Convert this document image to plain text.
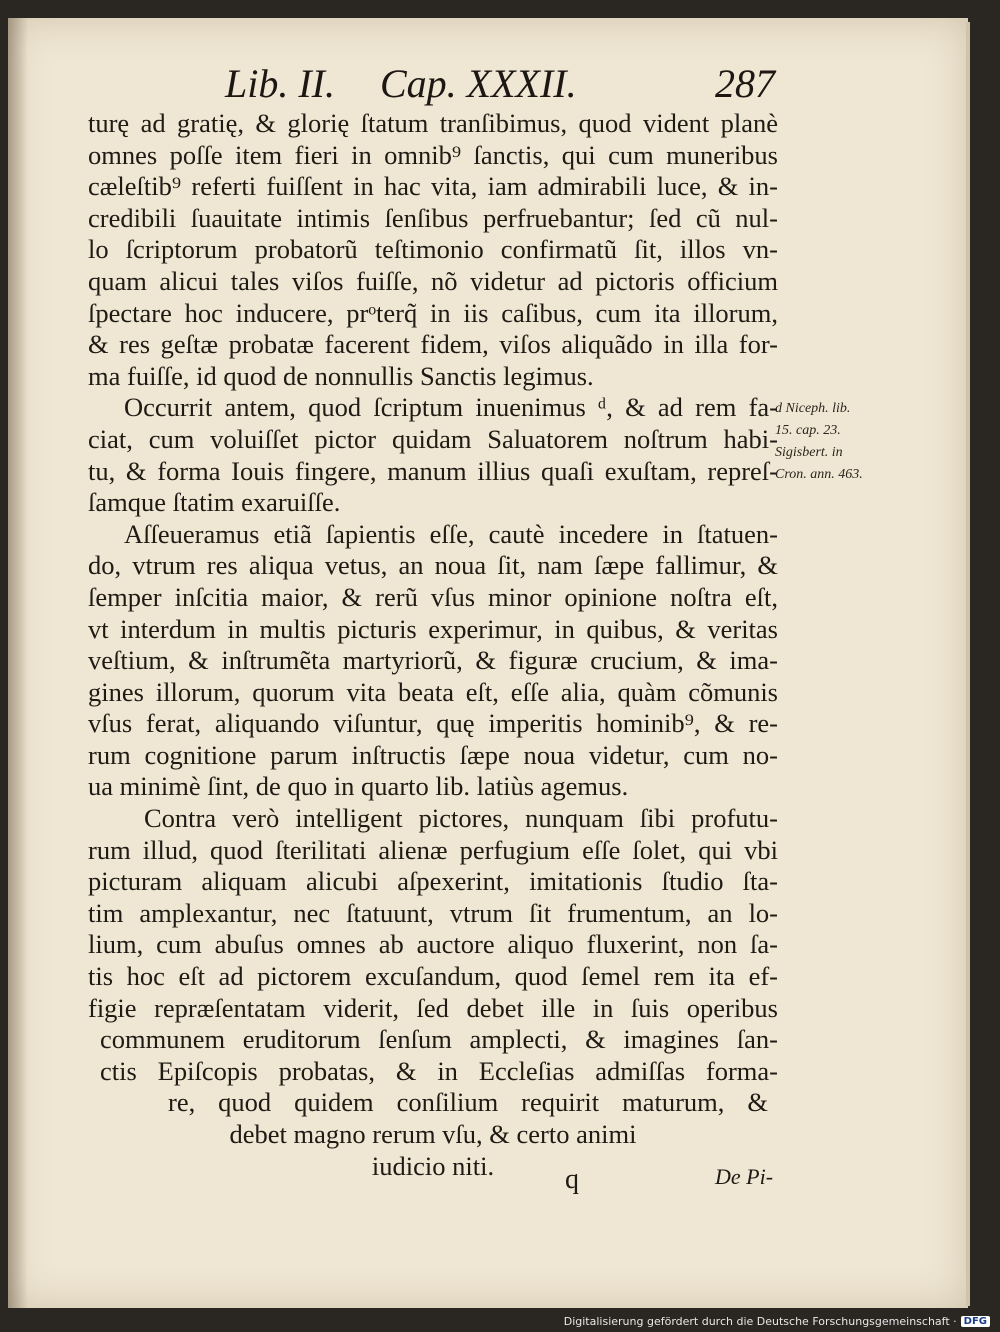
Lib. II. Cap. XXXII.	287
turę ad gratię, & glorię ſtatum tranſibimus, quod vident planè
omnes poſſe item fieri in omnib⁹ ſanctis, qui cum muneribus
cæleſtib⁹ referti fuiſſent in hac vita, iam admirabili luce, & in-
credibili ſuauitate intimis ſenſibus perfruebantur; ſed cũ nul-
lo ſcriptorum probatorũ teſtimonio confirmatũ ſit, illos vn-
quam alicui tales viſos fuiſſe, nõ videtur ad pictoris officium
ſpectare hoc inducere, prᵒterq̃ in iis caſibus, cum ita illorum,
& res geſtæ probatæ facerent fidem, viſos aliquãdo in illa for-
ma fuiſſe, id quod de nonnullis Sanctis legimus.
Occurrit antem, quod ſcriptum inuenimus ᵈ, & ad rem fa-
ciat, cum voluiſſet pictor quidam Saluatorem noſtrum habi-
tu, & forma Iouis fingere, manum illius quaſi exuſtam, repreſ-
ſamque ſtatim exaruiſſe.
Aſſeueramus etiã ſapientis eſſe, cautè incedere in ſtatuen-
do, vtrum res aliqua vetus, an noua ſit, nam ſæpe fallimur, &
ſemper inſcitia maior, & rerũ vſus minor opinione noſtra eſt,
vt interdum in multis picturis experimur, in quibus, & veritas
veſtium, & inſtrumẽta martyriorũ, & figuræ crucium, & ima-
gines illorum, quorum vita beata eſt, eſſe alia, quàm cõmunis
vſus ferat, aliquando viſuntur, quę imperitis hominib⁹, & re-
rum cognitione parum inſtructis ſæpe noua videtur, cum no-
ua minimè ſint, de quo in quarto lib. latiùs agemus.
Contra verò intelligent pictores, nunquam ſibi profutu-
rum illud, quod ſterilitati alienæ perfugium eſſe ſolet, qui vbi
picturam aliquam alicubi aſpexerint, imitationis ſtudio ſta-
tim amplexantur, nec ſtatuunt, vtrum ſit frumentum, an lo-
lium, cum abuſus omnes ab auctore aliquo fluxerint, non ſa-
tis hoc eſt ad pictorem excuſandum, quod ſemel rem ita ef-
figie repræſentatam viderit, ſed debet ille in ſuis operibus
communem eruditorum ſenſum amplecti, & imagines ſan-
ctis Epiſcopis probatas, & in Eccleſias admiſſas forma-
re, quod quidem conſilium requirit maturum, &
debet magno rerum vſu, & certo animi
iudicio niti.
d Niceph. lib.
15. cap. 23.
Sigisbert. in
Cron. ann. 463.
q	De Pi-
Digitalisierung gefördert durch die Deutsche Forschungsgemeinschaft · DFG
